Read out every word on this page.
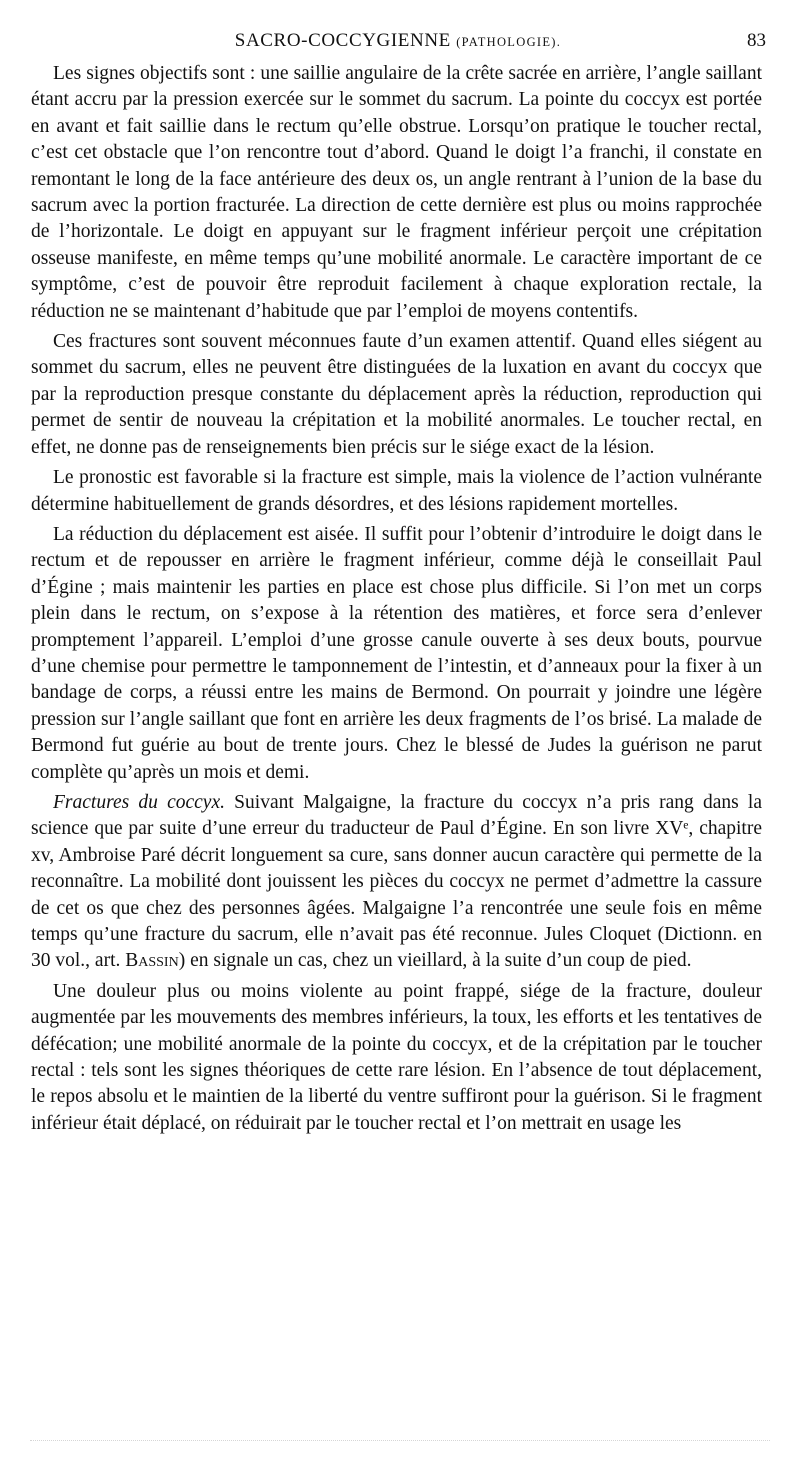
SACRO-COCCYGIENNE (PATHOLOGIE).	83

Les signes objectifs sont : une saillie angulaire de la crête sacrée en arrière, l’angle saillant étant accru par la pression exercée sur le sommet du sacrum. La pointe du coccyx est portée en avant et fait saillie dans le rectum qu’elle obstrue. Lorsqu’on pratique le toucher rectal, c’est cet obstacle que l’on rencontre tout d’abord. Quand le doigt l’a franchi, il constate en remontant le long de la face antérieure des deux os, un angle rentrant à l’union de la base du sacrum avec la portion fracturée. La direction de cette dernière est plus ou moins rapprochée de l’horizontale. Le doigt en appuyant sur le fragment inférieur perçoit une crépitation osseuse manifeste, en même temps qu’une mobilité anormale. Le caractère important de ce symptôme, c’est de pouvoir être reproduit facilement à chaque exploration rectale, la réduction ne se maintenant d’habitude que par l’emploi de moyens contentifs.

Ces fractures sont souvent méconnues faute d’un examen attentif. Quand elles siégent au sommet du sacrum, elles ne peuvent être distinguées de la luxation en avant du coccyx que par la reproduction presque constante du déplacement après la réduction, reproduction qui permet de sentir de nouveau la crépitation et la mobilité anormales. Le toucher rectal, en effet, ne donne pas de renseignements bien précis sur le siége exact de la lésion.

Le pronostic est favorable si la fracture est simple, mais la violence de l’action vulnérante détermine habituellement de grands désordres, et des lésions rapidement mortelles.

La réduction du déplacement est aisée. Il suffit pour l’obtenir d’introduire le doigt dans le rectum et de repousser en arrière le fragment inférieur, comme déjà le conseillait Paul d’Égine ; mais maintenir les parties en place est chose plus difficile. Si l’on met un corps plein dans le rectum, on s’expose à la rétention des matières, et force sera d’enlever promptement l’appareil. L’emploi d’une grosse canule ouverte à ses deux bouts, pourvue d’une chemise pour permettre le tamponnement de l’intestin, et d’anneaux pour la fixer à un bandage de corps, a réussi entre les mains de Bermond. On pourrait y joindre une légère pression sur l’angle saillant que font en arrière les deux fragments de l’os brisé. La malade de Bermond fut guérie au bout de trente jours. Chez le blessé de Judes la guérison ne parut complète qu’après un mois et demi.

Fractures du coccyx. Suivant Malgaigne, la fracture du coccyx n’a pris rang dans la science que par suite d’une erreur du traducteur de Paul d’Égine. En son livre XVᵉ, chapitre xv, Ambroise Paré décrit longuement sa cure, sans donner aucun caractère qui permette de la reconnaître. La mobilité dont jouissent les pièces du coccyx ne permet d’admettre la cassure de cet os que chez des personnes âgées. Malgaigne l’a rencontrée une seule fois en même temps qu’une fracture du sacrum, elle n’avait pas été reconnue. Jules Cloquet (Dictionn. en 30 vol., art. Bassin) en signale un cas, chez un vieillard, à la suite d’un coup de pied.

Une douleur plus ou moins violente au point frappé, siége de la fracture, douleur augmentée par les mouvements des membres inférieurs, la toux, les efforts et les tentatives de défécation; une mobilité anormale de la pointe du coccyx, et de la crépitation par le toucher rectal : tels sont les signes théoriques de cette rare lésion. En l’absence de tout déplacement, le repos absolu et le maintien de la liberté du ventre suffiront pour la guérison. Si le fragment inférieur était déplacé, on réduirait par le toucher rectal et l’on mettrait en usage les
